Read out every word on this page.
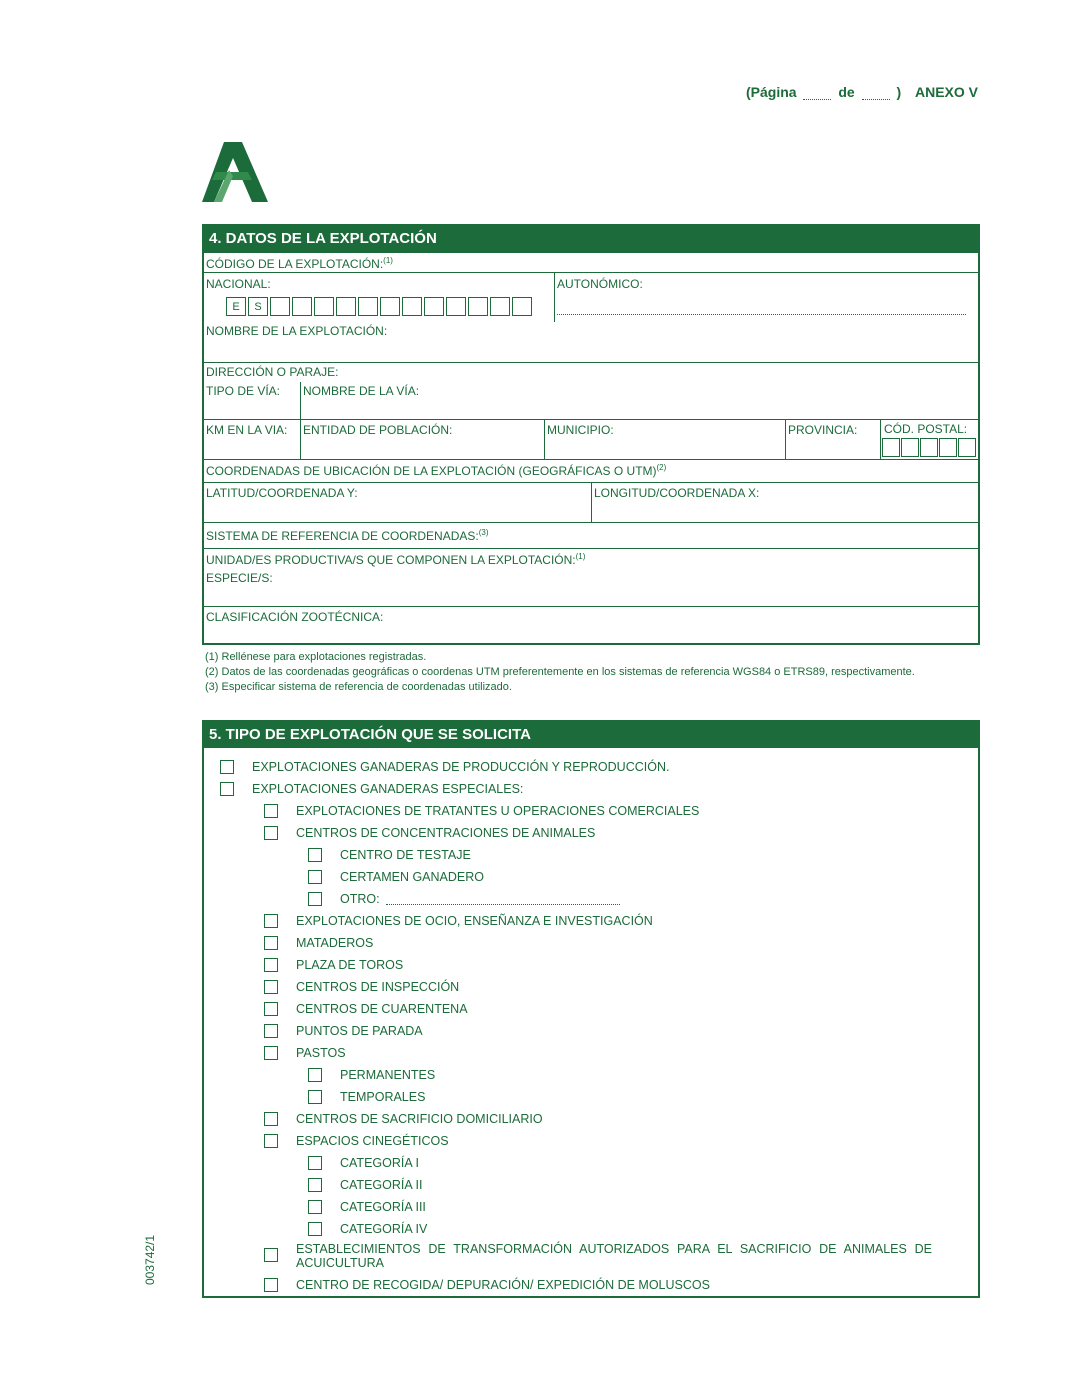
(Página	de	) ANEXO V
4. DATOS DE LA EXPLOTACIÓN
CÓDIGO DE LA EXPLOTACIÓN:$^{(1)}$
NACIONAL:
E	S
AUTONÓMICO:
NOMBRE DE LA EXPLOTACIÓN:
DIRECCIÓN O PARAJE:
TIPO DE VÍA: NOMBRE DE LA VÍA:
KM EN LA VIA: ENTIDAD DE POBLACIÓN:	MUNICIPIO:	PROVINCIA: CÓD. POSTAL:
COORDENADAS DE UBICACIÓN DE LA EXPLOTACIÓN (GEOGRÁFICAS O UTM)$^{(2)}$
LATITUD/COORDENADA Y:	LONGITUD/COORDENADA X:
SISTEMA DE REFERENCIA DE COORDENADAS:$^{(3)}$
UNIDAD/ES PRODUCTIVA/S QUE COMPONEN LA EXPLOTACIÓN:$^{(1)}$
ESPECIE/S:
CLASIFICACIÓN ZOOTÉCNICA:
(1) Rellénese para explotaciones registradas.
(2) Datos de las coordenadas geográficas o coordenas UTM preferentemente en los sistemas de referencia WGS84 o ETRS89, respectivamente.
(3) Especificar sistema de referencia de coordenadas utilizado.
5. TIPO DE EXPLOTACIÓN QUE SE SOLICITA
EXPLOTACIONES GANADERAS DE PRODUCCIÓN Y REPRODUCCIÓN.
EXPLOTACIONES GANADERAS ESPECIALES:
EXPLOTACIONES DE TRATANTES U OPERACIONES COMERCIALES
CENTROS DE CONCENTRACIONES DE ANIMALES
CENTRO DE TESTAJE
CERTAMEN GANADERO
OTRO:
EXPLOTACIONES DE OCIO, ENSEÑANZA E INVESTIGACIÓN
MATADEROS
PLAZA DE TOROS
CENTROS DE INSPECCIÓN
CENTROS DE CUARENTENA
PUNTOS DE PARADA
PASTOS
PERMANENTES
TEMPORALES
CENTROS DE SACRIFICIO DOMICILIARIO
ESPACIOS CINEGÉTICOS
CATEGORÍA I
CATEGORÍA II
CATEGORÍA III
CATEGORÍA IV
ESTABLECIMIENTOS DE TRANSFORMACIÓN AUTORIZADOS PARA EL SACRIFICIO DE ANIMALES DE ACUICULTURA
CENTRO DE RECOGIDA/ DEPURACIÓN/ EXPEDICIÓN DE MOLUSCOS
003742/1
